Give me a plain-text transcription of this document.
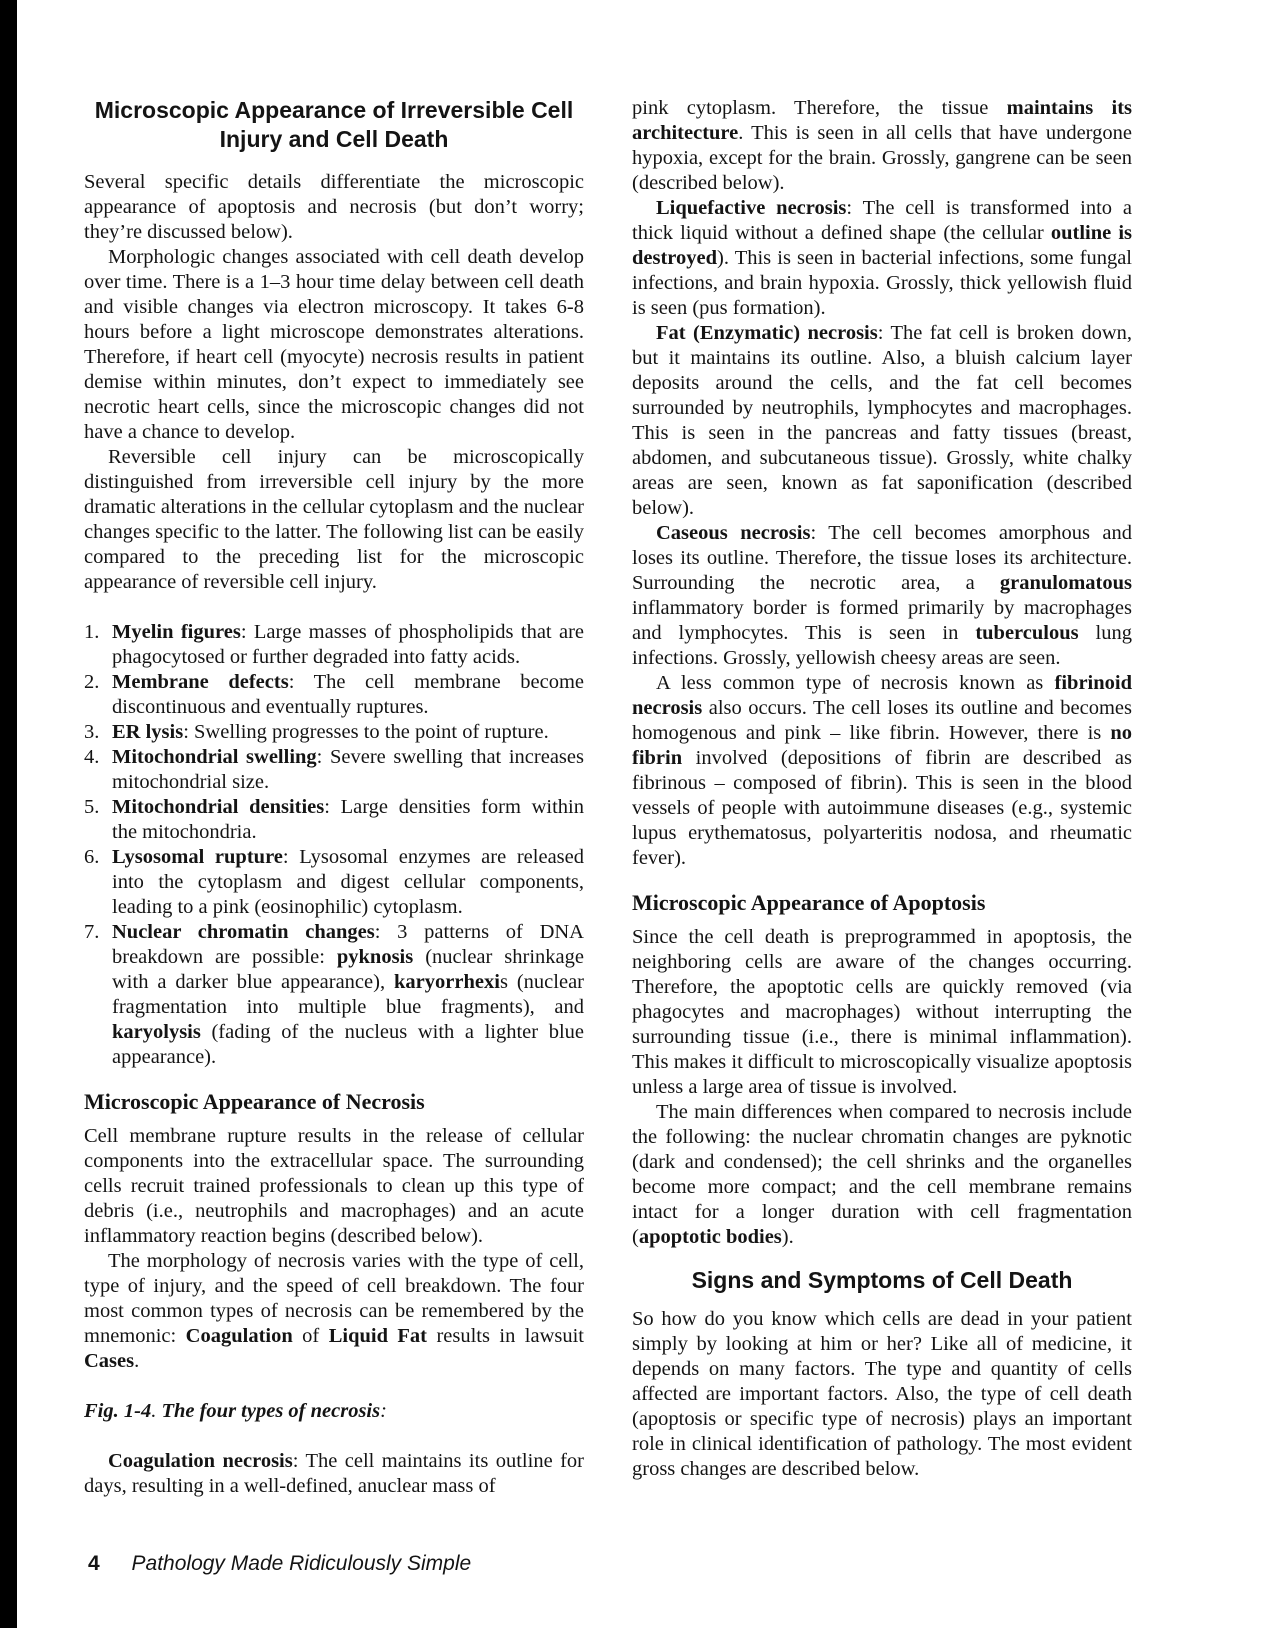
Microscopic Appearance of Irreversible Cell
Injury and Cell Death

Several specific details differentiate the microscopic appearance of apoptosis and necrosis (but don’t worry; they’re discussed below).

Morphologic changes associated with cell death develop over time. There is a 1–3 hour time delay between cell death and visible changes via electron microscopy. It takes 6-8 hours before a light microscope demonstrates alterations. Therefore, if heart cell (myocyte) necrosis results in patient demise within minutes, don’t expect to immediately see necrotic heart cells, since the microscopic changes did not have a chance to develop.

Reversible cell injury can be microscopically distinguished from irreversible cell injury by the more dramatic alterations in the cellular cytoplasm and the nuclear changes specific to the latter. The following list can be easily compared to the preceding list for the microscopic appearance of reversible cell injury.

1. Myelin figures: Large masses of phospholipids that are phagocytosed or further degraded into fatty acids.
2. Membrane defects: The cell membrane become discontinuous and eventually ruptures.
3. ER lysis: Swelling progresses to the point of rupture.
4. Mitochondrial swelling: Severe swelling that increases mitochondrial size.
5. Mitochondrial densities: Large densities form within the mitochondria.
6. Lysosomal rupture: Lysosomal enzymes are released into the cytoplasm and digest cellular components, leading to a pink (eosinophilic) cytoplasm.
7. Nuclear chromatin changes: 3 patterns of DNA breakdown are possible: pyknosis (nuclear shrinkage with a darker blue appearance), karyorrhexis (nuclear fragmentation into multiple blue fragments), and karyolysis (fading of the nucleus with a lighter blue appearance).
Microscopic Appearance of Necrosis

Cell membrane rupture results in the release of cellular components into the extracellular space. The surrounding cells recruit trained professionals to clean up this type of debris (i.e., neutrophils and macrophages) and an acute inflammatory reaction begins (described below).

The morphology of necrosis varies with the type of cell, type of injury, and the speed of cell breakdown. The four most common types of necrosis can be remembered by the mnemonic: Coagulation of Liquid Fat results in lawsuit Cases.

Fig. 1-4. The four types of necrosis:

Coagulation necrosis: The cell maintains its outline for days, resulting in a well-defined, anuclear mass of

pink cytoplasm. Therefore, the tissue maintains its architecture. This is seen in all cells that have undergone hypoxia, except for the brain. Grossly, gangrene can be seen (described below).

Liquefactive necrosis: The cell is transformed into a thick liquid without a defined shape (the cellular outline is destroyed). This is seen in bacterial infections, some fungal infections, and brain hypoxia. Grossly, thick yellowish fluid is seen (pus formation).

Fat (Enzymatic) necrosis: The fat cell is broken down, but it maintains its outline. Also, a bluish calcium layer deposits around the cells, and the fat cell becomes surrounded by neutrophils, lymphocytes and macrophages. This is seen in the pancreas and fatty tissues (breast, abdomen, and subcutaneous tissue). Grossly, white chalky areas are seen, known as fat saponification (described below).

Caseous necrosis: The cell becomes amorphous and loses its outline. Therefore, the tissue loses its architecture. Surrounding the necrotic area, a granulomatous inflammatory border is formed primarily by macrophages and lymphocytes. This is seen in tuberculous lung infections. Grossly, yellowish cheesy areas are seen.

A less common type of necrosis known as fibrinoid necrosis also occurs. The cell loses its outline and becomes homogenous and pink – like fibrin. However, there is no fibrin involved (depositions of fibrin are described as fibrinous – composed of fibrin). This is seen in the blood vessels of people with autoimmune diseases (e.g., systemic lupus erythematosus, polyarteritis nodosa, and rheumatic fever).

Microscopic Appearance of Apoptosis

Since the cell death is preprogrammed in apoptosis, the neighboring cells are aware of the changes occurring. Therefore, the apoptotic cells are quickly removed (via phagocytes and macrophages) without interrupting the surrounding tissue (i.e., there is minimal inflammation). This makes it difficult to microscopically visualize apoptosis unless a large area of tissue is involved.

The main differences when compared to necrosis include the following: the nuclear chromatin changes are pyknotic (dark and condensed); the cell shrinks and the organelles become more compact; and the cell membrane remains intact for a longer duration with cell fragmentation (apoptotic bodies).

Signs and Symptoms of Cell Death

So how do you know which cells are dead in your patient simply by looking at him or her? Like all of medicine, it depends on many factors. The type and quantity of cells affected are important factors. Also, the type of cell death (apoptosis or specific type of necrosis) plays an important role in clinical identification of pathology. The most evident gross changes are described below.

4 Pathology Made Ridiculously Simple
